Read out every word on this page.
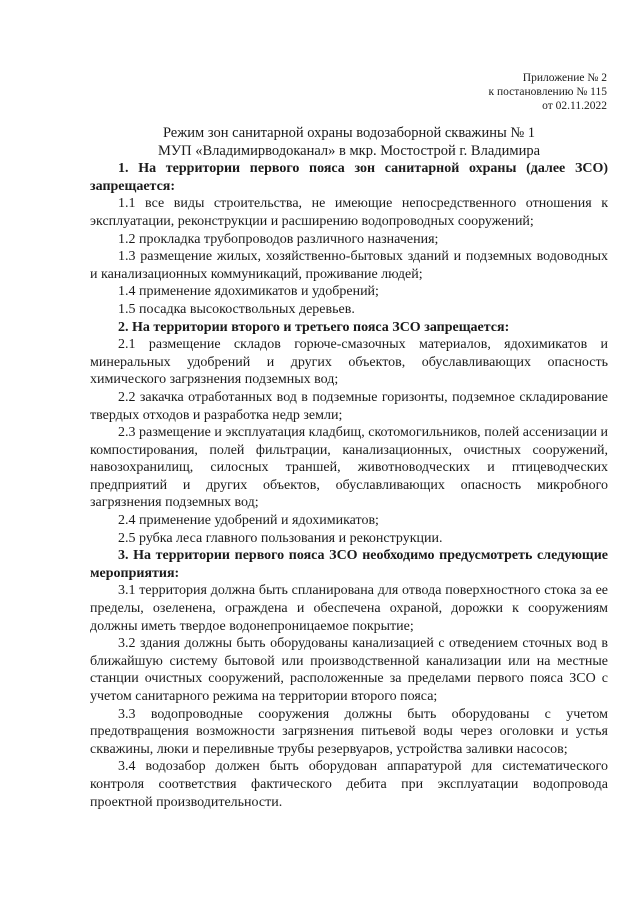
Приложение № 2
к постановлению № 115
от 02.11.2022
Режим зон санитарной охраны водозаборной скважины № 1
МУП «Владимирводоканал» в мкр. Мостострой г. Владимира
1. На территории первого пояса зон санитарной охраны (далее ЗСО) запрещается:

1.1 все виды строительства, не имеющие непосредственного отношения к эксплуатации, реконструкции и расширению водопроводных сооружений;

1.2 прокладка трубопроводов различного назначения;

1.3 размещение жилых, хозяйственно-бытовых зданий и подземных водоводных и канализационных коммуникаций, проживание людей;

1.4 применение ядохимикатов и удобрений;

1.5 посадка высокоствольных деревьев.

2. На территории второго и третьего пояса ЗСО запрещается:

2.1 размещение складов горюче-смазочных материалов, ядохимикатов и минеральных удобрений и других объектов, обуславливающих опасность химического загрязнения подземных вод;

2.2 закачка отработанных вод в подземные горизонты, подземное складирование твердых отходов и разработка недр земли;

2.3 размещение и эксплуатация кладбищ, скотомогильников, полей ассенизации и компостирования, полей фильтрации, канализационных, очистных сооружений, навозохранилищ, силосных траншей, животноводческих и птицеводческих предприятий и других объектов, обуславливающих опасность микробного загрязнения подземных вод;

2.4 применение удобрений и ядохимикатов;

2.5 рубка леса главного пользования и реконструкции.

3. На территории первого пояса ЗСО необходимо предусмотреть следующие мероприятия:

3.1 территория должна быть спланирована для отвода поверхностного стока за ее пределы, озеленена, ограждена и обеспечена охраной, дорожки к сооружениям должны иметь твердое водонепроницаемое покрытие;

3.2 здания должны быть оборудованы канализацией с отведением сточных вод в ближайшую систему бытовой или производственной канализации или на местные станции очистных сооружений, расположенные за пределами первого пояса ЗСО с учетом санитарного режима на территории второго пояса;

3.3 водопроводные сооружения должны быть оборудованы с учетом предотвращения возможности загрязнения питьевой воды через оголовки и устья скважины, люки и переливные трубы резервуаров, устройства заливки насосов;

3.4 водозабор должен быть оборудован аппаратурой для систематического контроля соответствия фактического дебита при эксплуатации водопровода проектной производительности.
